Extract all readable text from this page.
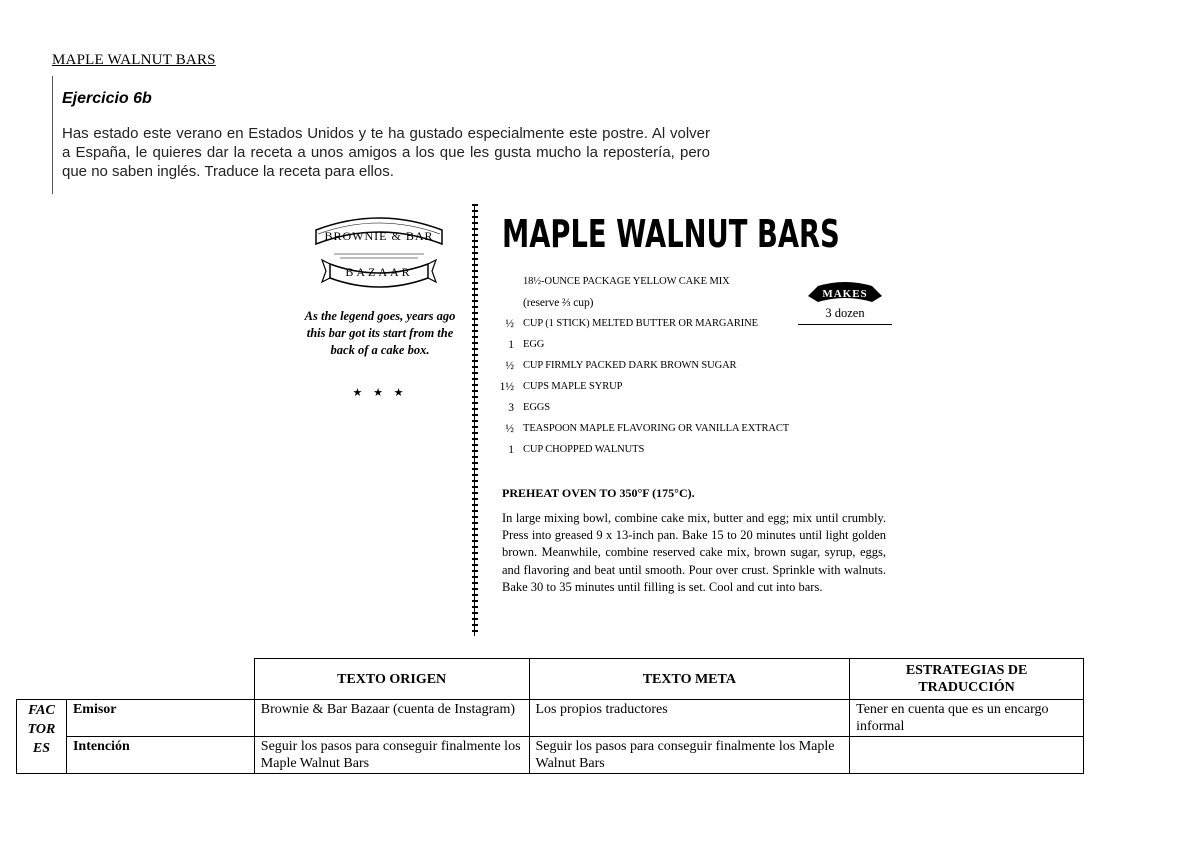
MAPLE WALNUT BARS
Ejercicio 6b
Has estado este verano en Estados Unidos y te ha gustado especialmente este postre. Al volver a España, le quieres dar la receta a unos amigos a los que les gusta mucho la repostería, pero que no saben inglés. Traduce la receta para ellos.
BROWNIE & BAR
BAZAAR
As the legend goes, years ago this bar got its start from the back of a cake box.
★ ★ ★
MAPLE WALNUT BARS
18½-OUNCE PACKAGE YELLOW CAKE MIX
(reserve ⅔ cup)
½ CUP (1 STICK) MELTED BUTTER OR MARGARINE
1 EGG
½ CUP FIRMLY PACKED DARK BROWN SUGAR
1½ CUPS MAPLE SYRUP
3 EGGS
½ TEASPOON MAPLE FLAVORING OR VANILLA EXTRACT
1 CUP CHOPPED WALNUTS
MAKES
3 dozen
PREHEAT OVEN TO 350°F (175°C).
In large mixing bowl, combine cake mix, butter and egg; mix until crumbly. Press into greased 9 x 13-inch pan. Bake 15 to 20 minutes until light golden brown. Meanwhile, combine reserved cake mix, brown sugar, syrup, eggs, and flavoring and beat until smooth. Pour over crust. Sprinkle with walnuts. Bake 30 to 35 minutes until filling is set. Cool and cut into bars.
		TEXTO ORIGEN	TEXTO META	ESTRATEGIAS DE TRADUCCIÓN

FACTORES	Emisor	Brownie & Bar Bazaar (cuenta de Instagram)	Los propios traductores	Tener en cuenta que es un encargo informal
	Intención	Seguir los pasos para conseguir finalmente los Maple Walnut Bars	Seguir los pasos para conseguir finalmente los Maple Walnut Bars	
